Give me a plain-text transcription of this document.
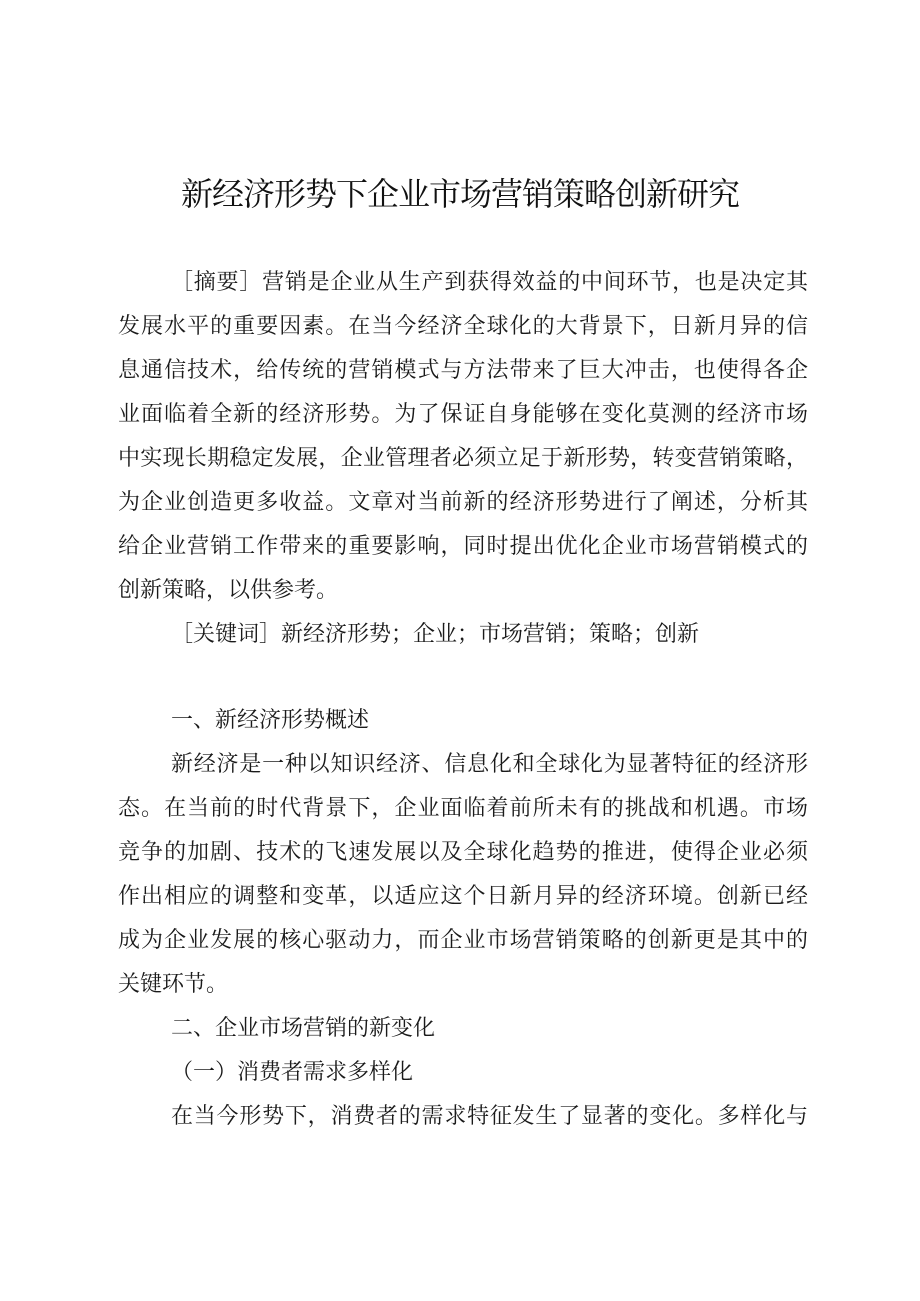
新经济形势下企业市场营销策略创新研究

［摘要］营销是企业从生产到获得效益的中间环节，也是决定其

发展水平的重要因素。在当今经济全球化的大背景下，日新月异的信

息通信技术，给传统的营销模式与方法带来了巨大冲击，也使得各企

业面临着全新的经济形势。为了保证自身能够在变化莫测的经济市场

中实现长期稳定发展，企业管理者必须立足于新形势，转变营销策略，

为企业创造更多收益。文章对当前新的经济形势进行了阐述，分析其

给企业营销工作带来的重要影响，同时提出优化企业市场营销模式的

创新策略，以供参考。

［关键词］新经济形势；企业；市场营销；策略；创新

一、新经济形势概述

新经济是一种以知识经济、信息化和全球化为显著特征的经济形

态。在当前的时代背景下，企业面临着前所未有的挑战和机遇。市场

竞争的加剧、技术的飞速发展以及全球化趋势的推进，使得企业必须

作出相应的调整和变革，以适应这个日新月异的经济环境。创新已经

成为企业发展的核心驱动力，而企业市场营销策略的创新更是其中的

关键环节。

二、企业市场营销的新变化

（一）消费者需求多样化

在当今形势下，消费者的需求特征发生了显著的变化。多样化与
